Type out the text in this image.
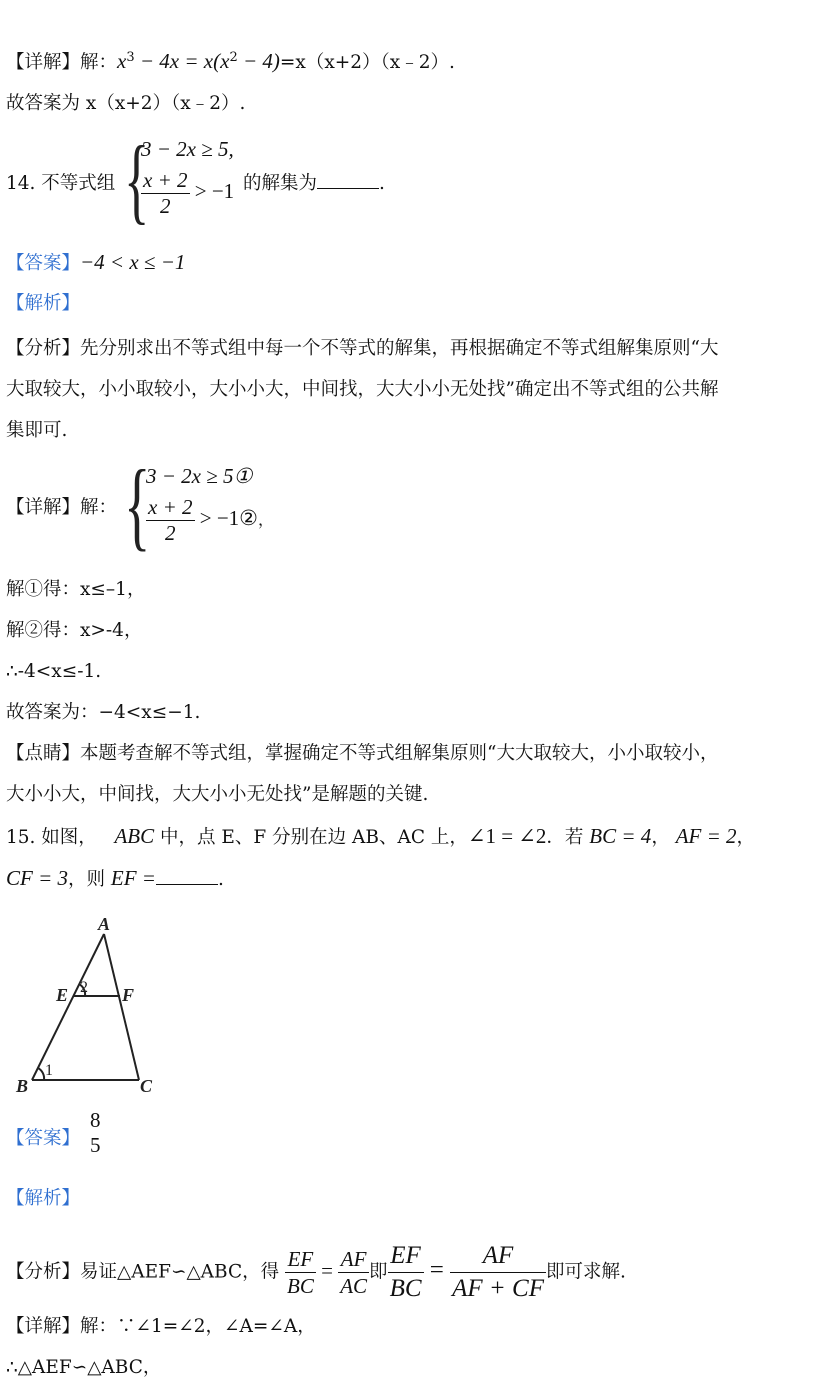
【详解】解：$x^3 - 4x = x(x^2$ − 4)=x（x+2）（x﹣2）.
故答案为 x（x+2）（x﹣2）.
14. 不等式组 {
3 − 2x ≥ 5,
$\frac{x + 2}{2} > -1$ 的解集为	.
【答案】−4 < x ≤ −1
【解析】
【分析】先分别求出不等式组中每一个不等式的解集，再根据确定不等式组解集原则“大
大取较大，小小取较小，大小小大，中间找，大大小小无处找”确定出不等式组的公共解
集即可.
【详解】解： {
3 − 2x ≥ 5①
$\frac{x + 2}{2}$ > −1②，
解①得：x≤–1，
解②得：x>-4，
∴-4<x≤-1.
故答案为：−4<x≤−1.
【点睛】本题考查解不等式组，掌握确定不等式组解集原则“大大取较大，小小取较小，
大小小大，中间找，大大小小无处找”是解题的关键.
15. 如图， ABC 中，点 E、F 分别在边 AB、AC 上，∠1 = ∠2．若 BC = 4， AF = 2，
CF = 3，则 EF =	.
A
B	C
E	F
1
2
【答案】
8
5
【解析】
【分析】易证△AEF∽△ABC，得 $\frac{EF}{BC} = \frac{AF}{AC}$ 即 $\frac{EF}{BC} = \frac{AF}{AF + CF}$ 即可求解.
【详解】解：∵∠1=∠2，∠A=∠A，
∴△AEF∽△ABC，
